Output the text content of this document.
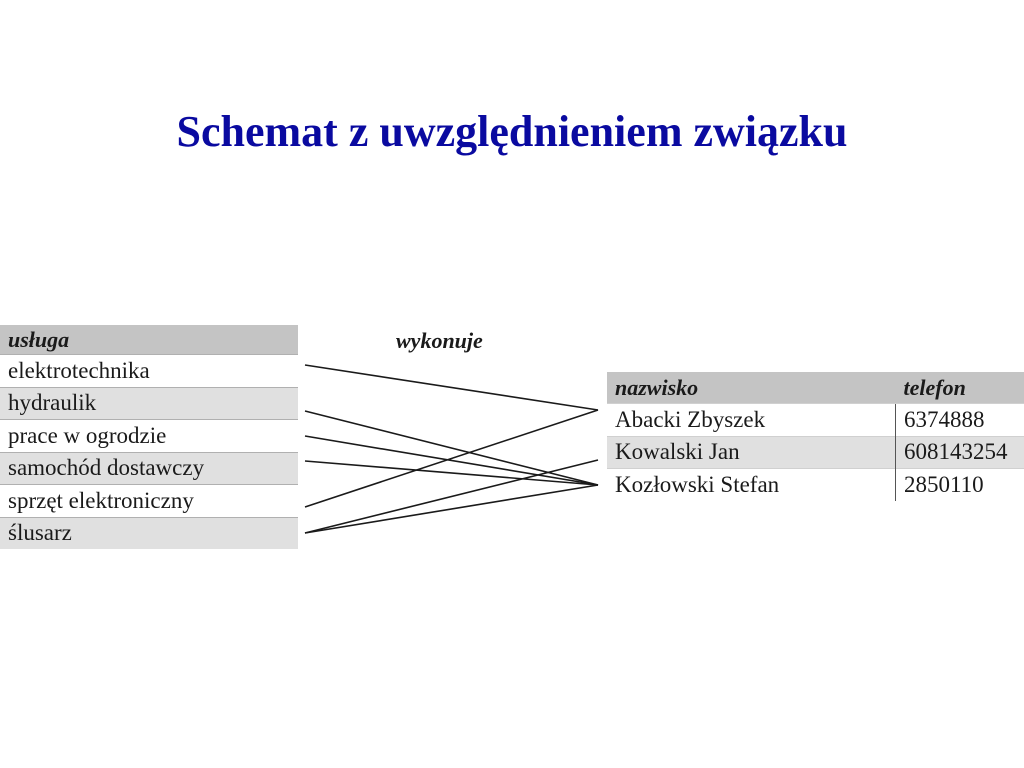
Schemat z uwzględnieniem związku
usługa
elektrotechnika
hydraulik
prace w ogrodzie
samochód dostawczy
sprzęt elektroniczny
ślusarz
wykonuje
nazwisko	telefon
Abacki Zbyszek	6374888
Kowalski Jan	608143254
Kozłowski Stefan	2850110
